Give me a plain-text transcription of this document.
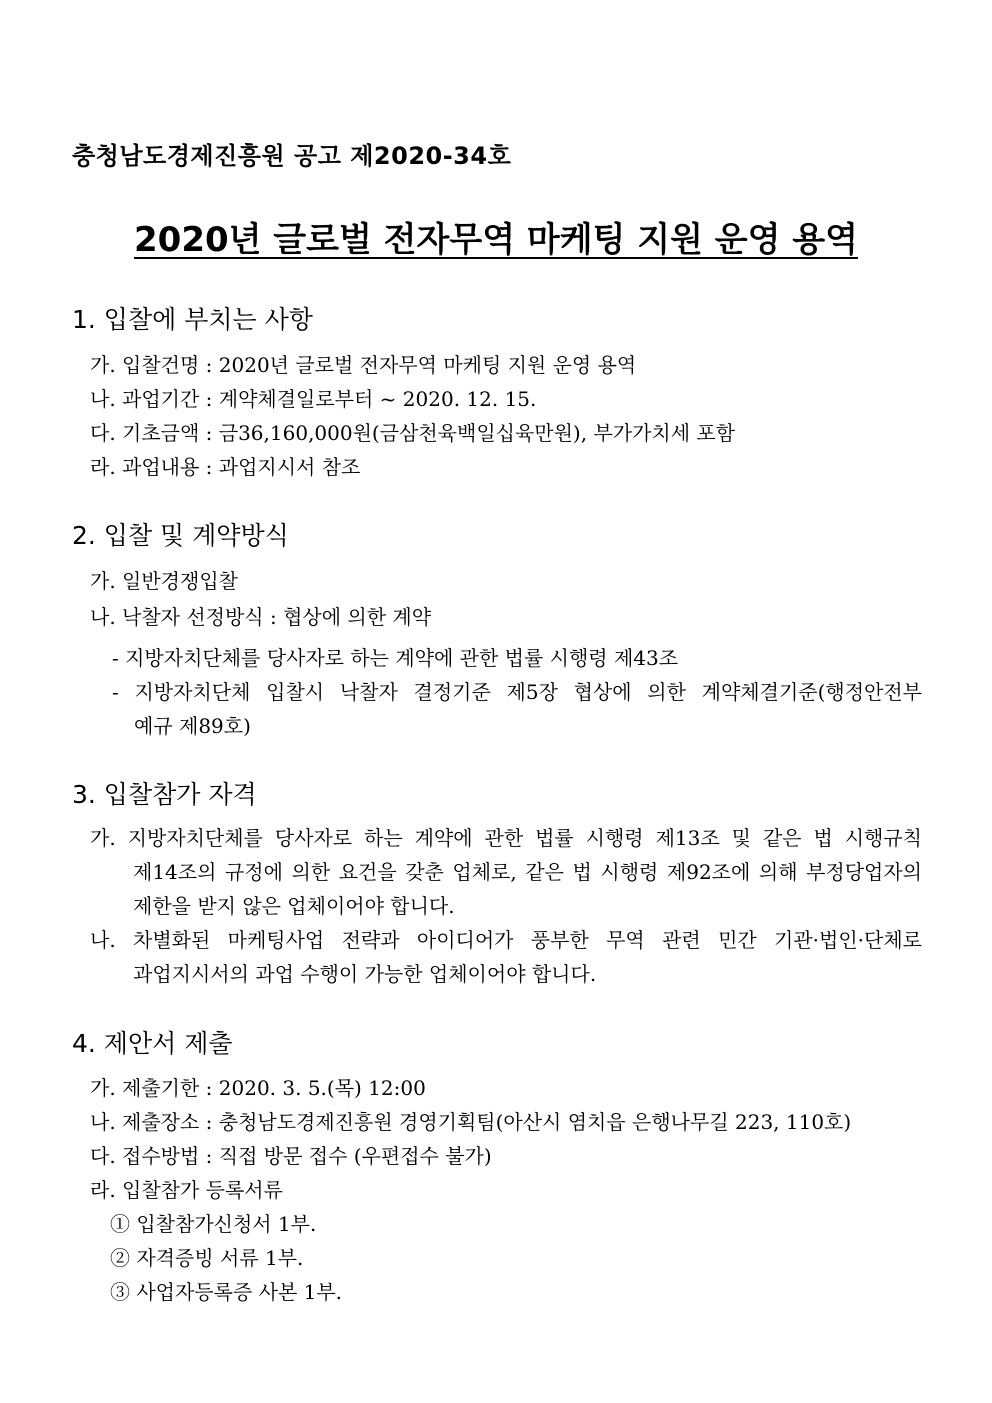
충청남도경제진흥원 공고 제2020-34호
2020년 글로벌 전자무역 마케팅 지원 운영 용역
1. 입찰에 부치는 사항
가. 입찰건명 : 2020년 글로벌 전자무역 마케팅 지원 운영 용역
나. 과업기간 : 계약체결일로부터 ~ 2020. 12. 15.
다. 기초금액 : 금36,160,000원(금삼천육백일십육만원), 부가가치세 포함
라. 과업내용 : 과업지시서 참조
2. 입찰 및 계약방식
가. 일반경쟁입찰
나. 낙찰자 선정방식 : 협상에 의한 계약
- 지방자치단체를 당사자로 하는 계약에 관한 법률 시행령 제43조
- 지방자치단체 입찰시 낙찰자 결정기준 제5장 협상에 의한 계약체결기준(행정안전부
예규 제89호)
3. 입찰참가 자격
가. 지방자치단체를 당사자로 하는 계약에 관한 법률 시행령 제13조 및 같은 법 시행규칙
제14조의 규정에 의한 요건을 갖춘 업체로, 같은 법 시행령 제92조에 의해 부정당업자의
제한을 받지 않은 업체이어야 합니다.
나. 차별화된 마케팅사업 전략과 아이디어가 풍부한 무역 관련 민간 기관·법인·단체로
과업지시서의 과업 수행이 가능한 업체이어야 합니다.
4. 제안서 제출
가. 제출기한 : 2020. 3. 5.(목) 12:00
나. 제출장소 : 충청남도경제진흥원 경영기획팀(아산시 염치읍 은행나무길 223, 110호)
다. 접수방법 : 직접 방문 접수 (우편접수 불가)
라. 입찰참가 등록서류
① 입찰참가신청서 1부.
② 자격증빙 서류 1부.
③ 사업자등록증 사본 1부.
